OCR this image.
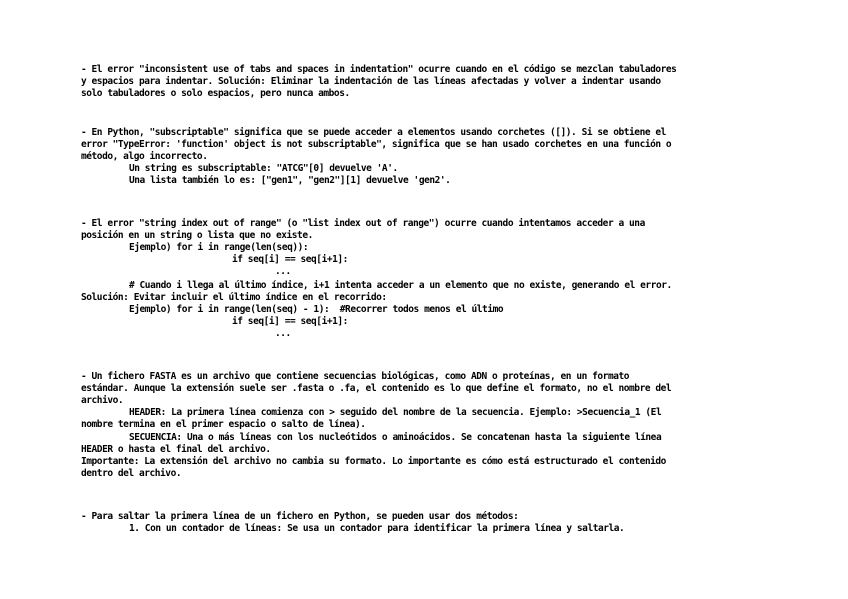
- El error "inconsistent use of tabs and spaces in indentation" ocurre cuando en el código se mezclan tabuladores
y espacios para indentar. Solución: Eliminar la indentación de las líneas afectadas y volver a indentar usando
solo tabuladores o solo espacios, pero nunca ambos.
- En Python, "subscriptable" significa que se puede acceder a elementos usando corchetes ([]). Si se obtiene el
error "TypeError: 'function' object is not subscriptable", significa que se han usado corchetes en una función o
método, algo incorrecto.
Un string es subscriptable: "ATCG"[0] devuelve 'A'.
Una lista también lo es: ["gen1", "gen2"][1] devuelve 'gen2'.
- El error "string index out of range" (o "list index out of range") ocurre cuando intentamos acceder a una
posición en un string o lista que no existe.
Ejemplo) for i in range(len(seq)):
if seq[i] == seq[i+1]:
...
# Cuando i llega al último índice, i+1 intenta acceder a un elemento que no existe, generando el error.
Solución: Evitar incluir el último índice en el recorrido:
Ejemplo) for i in range(len(seq) - 1):  #Recorrer todos menos el último
if seq[i] == seq[i+1]:
...
- Un fichero FASTA es un archivo que contiene secuencias biológicas, como ADN o proteínas, en un formato
estándar. Aunque la extensión suele ser .fasta o .fa, el contenido es lo que define el formato, no el nombre del
archivo.
HEADER: La primera línea comienza con > seguido del nombre de la secuencia. Ejemplo: >Secuencia_1 (El
nombre termina en el primer espacio o salto de línea).
SECUENCIA: Una o más líneas con los nucleótidos o aminoácidos. Se concatenan hasta la siguiente línea
HEADER o hasta el final del archivo.
Importante: La extensión del archivo no cambia su formato. Lo importante es cómo está estructurado el contenido
dentro del archivo.
- Para saltar la primera línea de un fichero en Python, se pueden usar dos métodos:
1. Con un contador de líneas: Se usa un contador para identificar la primera línea y saltarla.
